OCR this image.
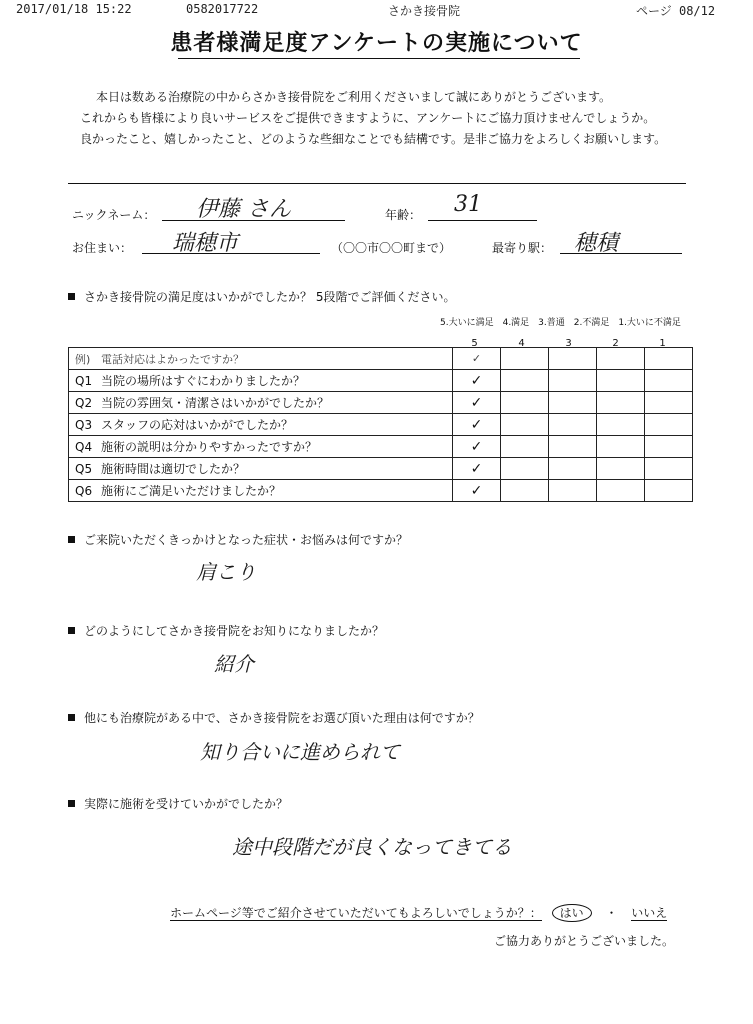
2017/01/18 15:22	0582017722	さかき接骨院	ページ 08/12
患者様満足度アンケートの実施について
本日は数ある治療院の中からさかき接骨院をご利用くださいまして誠にありがとうございます。
これからも皆様により良いサービスをご提供できますように、アンケートにご協力頂けませんでしょうか。
良かったこと、嬉しかったこと、どのような些細なことでも結構です。是非ご協力をよろしくお願いします。
ニックネーム： 伊藤 さん	年齢： 31
お住まい： 瑞穂市	（〇〇市〇〇町まで）	最寄り駅： 穂積
さかき接骨院の満足度はいかがでしたか？ 5段階でご評価ください。
5.大いに満足　4.満足　3.普通　2.不満足　1.大いに不満足
5	4	3	2	1
例) 電話対応はよかったですか？	✓				
Q1 当院の場所はすぐにわかりましたか？	✓				
Q2 当院の雰囲気・清潔さはいかがでしたか？	✓				
Q3 スタッフの応対はいかがでしたか？	✓				
Q4 施術の説明は分かりやすかったですか？	✓				
Q5 施術時間は適切でしたか？	✓				
Q6 施術にご満足いただけましたか？	✓				
ご来院いただくきっかけとなった症状・お悩みは何ですか？
肩こり
どのようにしてさかき接骨院をお知りになりましたか？
紹介
他にも治療院がある中で、さかき接骨院をお選び頂いた理由は何ですか？
知り合いに進められて
実際に施術を受けていかがでしたか？
途中段階だが良くなってきてる
ホームページ等でご紹介させていただいてもよろしいでしょうか？： はい ・ いいえ
ご協力ありがとうございました。
